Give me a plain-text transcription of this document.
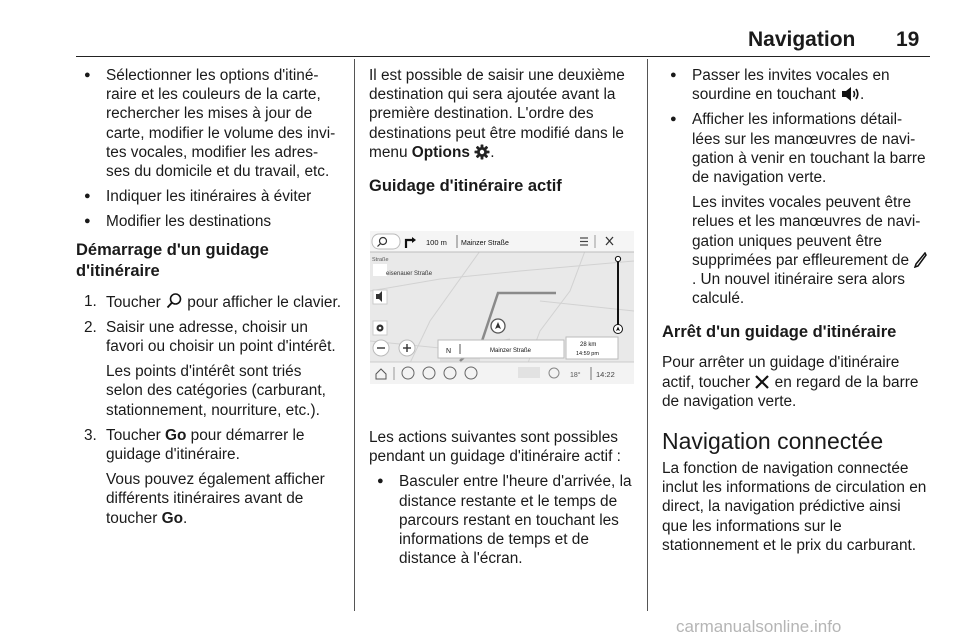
Navigation 19

● Sélectionner les options d'itiné-raire et les couleurs de la carte, rechercher les mises à jour de carte, modifier le volume des invi-tes vocales, modifier les adres-ses du domicile et du travail, etc.

● Indiquer les itinéraires à éviter

● Modifier les destinations

Démarrage d'un guidage d'itinéraire

1. Toucher  pour afficher le clavier.

2. Saisir une adresse, choisir un favori ou choisir un point d'intérêt.

Les points d'intérêt sont triés selon des catégories (carburant, stationnement, nourriture, etc.).

3. Toucher Go pour démarrer le guidage d'itinéraire.

Vous pouvez également afficher différents itinéraires avant de toucher Go.

Il est possible de saisir une deuxième destination qui sera ajoutée avant la première destination. L'ordre des destinations peut être modifié dans le menu Options .

Guidage d'itinéraire actif
100 m Mainzer Straße
Straße
eisenauer Straße
N	Mainzer Straße
28 km
14:59 pm
18° 14:22

Les actions suivantes sont possibles pendant un guidage d'itinéraire actif :

● Basculer entre l'heure d'arrivée, la distance restante et le temps de parcours restant en touchant les informations de temps et de distance à l'écran.

● Passer les invites vocales en sourdine en touchant .

● Afficher les informations détail-lées sur les manœuvres de navi-gation à venir en touchant la barre de navigation verte.

Les invites vocales peuvent être relues et les manœuvres de navi-gation uniques peuvent être supprimées par effleurement de . Un nouvel itinéraire sera alors calculé.

Arrêt d'un guidage d'itinéraire

Pour arrêter un guidage d'itinéraire actif, toucher  en regard de la barre de navigation verte.

Navigation connectée

La fonction de navigation connectée inclut les informations de circulation en direct, la navigation prédictive ainsi que les informations sur le stationnement et le prix du carburant.

carmanualsonline.info
